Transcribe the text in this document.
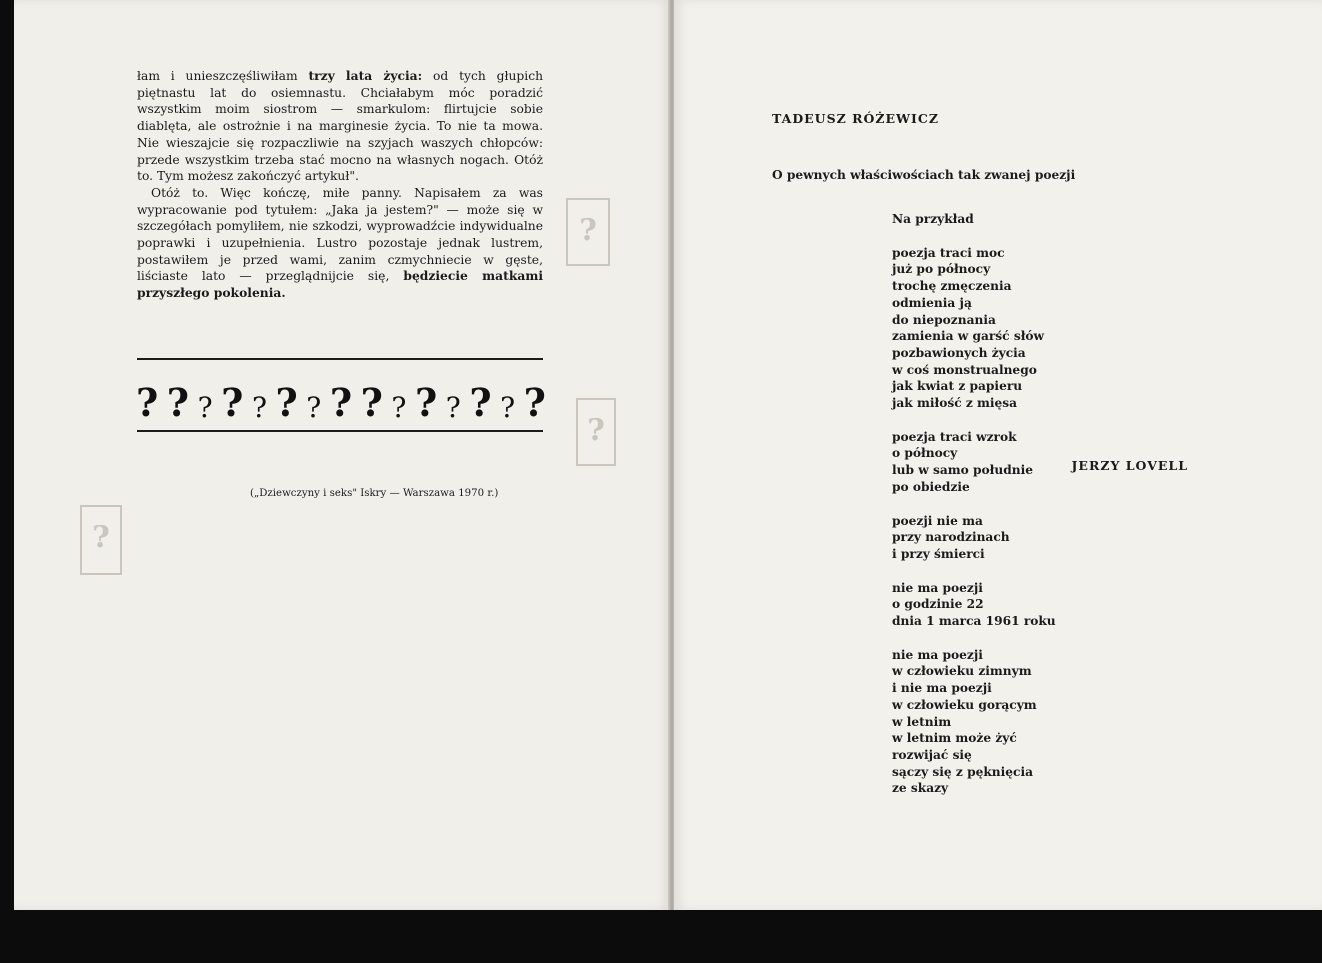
?
?
?

łam i unieszczęśliwiłam trzy lata życia: od tych głupich piętnastu lat do osiemnastu. Chciałabym móc poradzić wszystkim moim siostrom — smarkulom: flirtujcie sobie diablęta, ale ostrożnie i na marginesie życia. To nie ta mowa. Nie wieszajcie się rozpaczliwie na szyjach waszych chłopców: przede wszystkim trzeba stać mocno na własnych nogach. Otóż to. Tym możesz zakończyć artykuł".

Otóż to. Więc kończę, miłe panny. Napisałem za was wypracowanie pod tytułem: „Jaka ja jestem?" — może się w szczegółach pomyliłem, nie szkodzi, wyprowadźcie indywidualne poprawki i uzupełnienia. Lustro pozostaje jednak lustrem, postawiłem je przed wami, zanim czmychniecie w gęste, liściaste lato — przeglądnijcie się, będziecie matkami przyszłego pokolenia.

? ? ? ? ? ? ? ? ? ? ? ? ? ? ?
JERZY LOVELL
(„Dziewczyny i seks" Iskry — Warszawa 1970 r.)
TADEUSZ RÓŻEWICZ
O pewnych właściwościach tak zwanej poezji
Na przykład
poezja traci moc
już po północy
trochę zmęczenia
odmienia ją
do niepoznania
zamienia w garść słów
pozbawionych życia
w coś monstrualnego
jak kwiat z papieru
jak miłość z mięsa
poezja traci wzrok
o północy
lub w samo południe
po obiedzie
poezji nie ma
przy narodzinach
i przy śmierci
nie ma poezji
o godzinie 22
dnia 1 marca 1961 roku
nie ma poezji
w człowieku zimnym
i nie ma poezji
w człowieku gorącym
w letnim
w letnim może żyć
rozwijać się
sączy się z pęknięcia
ze skazy
